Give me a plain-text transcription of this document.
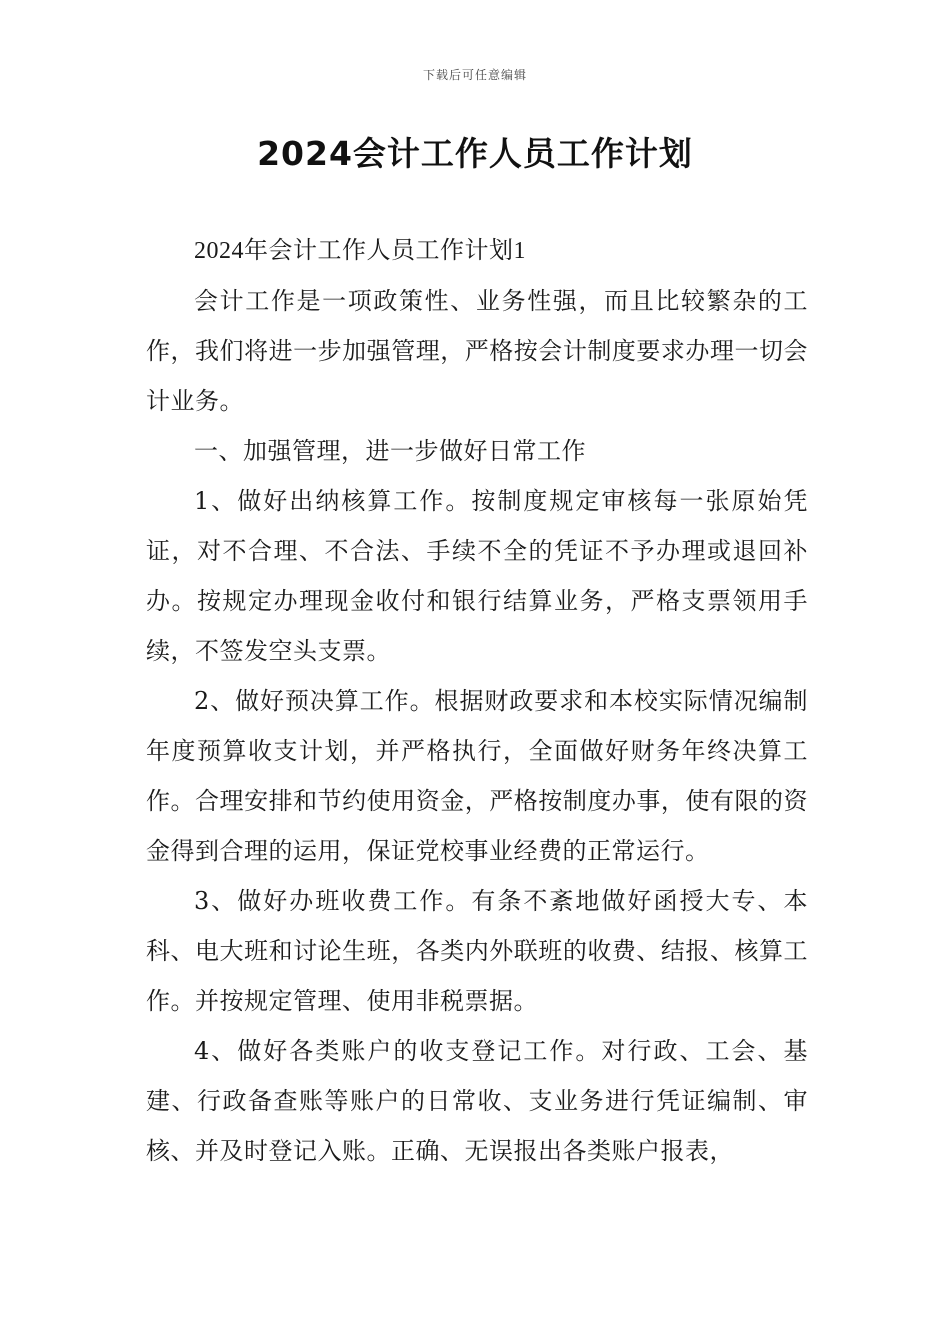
下载后可任意编辑
2024会计工作人员工作计划

2024年会计工作人员工作计划1

会计工作是一项政策性、业务性强，而且比较繁杂的工作，我们将进一步加强管理，严格按会计制度要求办理一切会计业务。

一、加强管理，进一步做好日常工作

1、做好出纳核算工作。按制度规定审核每一张原始凭证，对不合理、不合法、手续不全的凭证不予办理或退回补办。按规定办理现金收付和银行结算业务，严格支票领用手续，不签发空头支票。

2、做好预决算工作。根据财政要求和本校实际情况编制年度预算收支计划，并严格执行，全面做好财务年终决算工作。合理安排和节约使用资金，严格按制度办事，使有限的资金得到合理的运用，保证党校事业经费的正常运行。

3、做好办班收费工作。有条不紊地做好函授大专、本科、电大班和讨论生班，各类内外联班的收费、结报、核算工作。并按规定管理、使用非税票据。

4、做好各类账户的收支登记工作。对行政、工会、基建、行政备查账等账户的日常收、支业务进行凭证编制、审核、并及时登记入账。正确、无误报出各类账户报表，
